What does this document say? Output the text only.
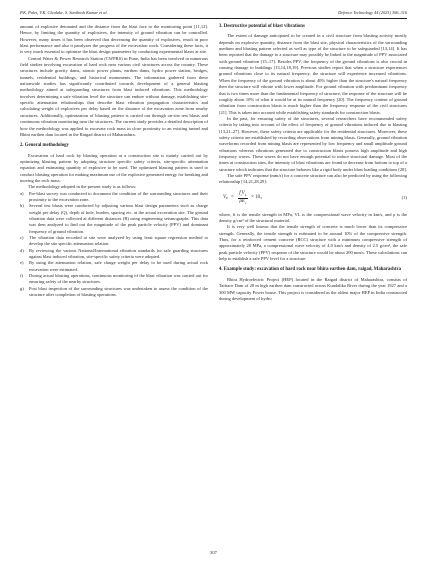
P.K. Palei, V.K. Chodake, S. Santhosh Kumar et al.	Defence Technology 44 (2025) 306–316

amount of explosive detonated and the distance from the blast face to the monitoring point [11,12]. Hence, by limiting the quantity of explosives, the intensity of ground vibration can be controlled. However, many times it has been observed that decreasing the quantity of explosives, result in poor blast performance and also it paralyzes the progress of the excavation work. Considering these facts, it is very much essential to optimize the blast design parameters by conducting experimental blasts at site.

Central Water & Power Research Station (CWPRS) in Pune, India has been involved in numerous field studies involving excavation of hard rock near various civil structures across the country. These structures include gravity dams, atomic power plants, earthen dams, hydro power station, bridges, tunnels, residential buildings, and historical monuments. The information gathered from these nationwide studies has significantly contributed towards development of a general blasting methodology aimed at safeguarding structures from blast induced vibrations. This methodology involves determining a safe vibration level the structure can endure without damage, establishing site-specific attenuation relationships that describe blast vibration propagation characteristics and calculating weight of explosives per delay based on the distance of the excavation zone from nearby structures. Additionally, optimization of blasting pattern is carried out through on-site test blasts and continuous vibration monitoring near the structures. The current study provides a detailed description of how the methodology was applied to excavate rock mass in close proximity to an existing tunnel and Bhira earthen dam located in the Raigad district of Maharashtra.

2. General methodology

Excavation of hard rock by blasting operation at a construction site is mainly carried out by optimizing blasting pattern by adopting structure specific safety criteria, site-specific attenuation equation and estimating quantity of explosive to be used. The optimized blasting pattern is used to conduct blasting operation for making maximum use of the explosive generated energy for breaking and moving the rock mass.

The methodology adopted in the present study is as follows:

a)	Pre-blast survey was conducted to document the condition of the surrounding structures and their proximity to the excavation zone.
b)	Several test blasts were conducted by adjusting various blast design parameters such as charge weight per delay (Q), depth of hole, burden, spacing etc. at the actual excavation site. The ground vibration data were collected at different distances (R) using engineering seismographs. This data was then analyzed to find out the magnitude of the peak particle velocity (PPV) and dominant frequency of ground vibration.
c)	The vibration data recorded at site were analyzed by using least square regression method to develop the site specific attenuation relation.
d)	By reviewing the various National/International vibration standards for safe guarding structures against blast induced vibration, site-specific safety criteria were adopted.
e)	By using the attenuation relation, safe charge weight per delay to be used during actual rock excavation were estimated.
f)	During actual blasting operations, continuous monitoring of the blast vibration was carried out for ensuring safety of the nearby structures.
g)	Post blast inspection of the surrounding structures was undertaken to assess the condition of the structure after completion of blasting operations.
3. Destructive potential of blast vibrations

The extent of damage anticipated to be created in a civil structure from blasting activity mostly depends on explosive quantity, distance from the blast site, physical characteristics of the surrounding medium and blasting pattern selected as well as type of the structure to be safeguarded [13,14]. It has been reported that the damage to a structure may possibly be linked to the magnitude of PPV associated with ground vibration [15–17]. Besides PPV, the frequency of the ground vibrations is also crucial in causing damage to buildings [13,14,18,19]. Previous studies report that when a structure experiences ground vibrations close to its natural frequency, the structure will experience increased vibrations. When the frequency of the ground vibration is about 40% higher than the structure's natural frequency then the structure will vibrate with lower amplitude. For ground vibration with predominant frequency that is two times more than the fundamental frequency of structure, the response of the structure will be roughly about 10% of what it would be at its natural frequency [20]. The frequency content of ground vibration from construction blasts is much higher than the frequency response of the civil structures [21]. This is taken into account while establishing safety standards for construction blasts.

In the past, for ensuring safety of the structures, several researchers have recommended safety criteria by taking into account of the effect of frequency of ground vibrations induced due to blasting [13,21–27]. However, these safety criteria are applicable for the residential structures. Moreover, these safety criteria are established by recording observations from mining blasts. Generally, ground vibration waveforms recorded from mining blasts are represented by low frequency and small amplitude ground vibrations whereas vibrations generated due to construction blasts possess high amplitude and high frequency waves. These waves do not have enough potential to induce structural damage. Most of the times at construction sites, the intensity of blast vibrations are found to decrease from bottom to top of a structure which indicates that the structure behaves like a rigid body under blast loading conditions [28].

The safe PPV response (mm/s) for a concrete structure can also be predicted by using the following relationship [14,21,28,29]:

V $P = \frac{f_tV_L}{\rho E_c} \times 10$ 3	(1)

where, ft is the tensile strength in MPa, VL is the compressional wave velocity in km/s, and ρ is the density g/cm³ of the structural material.

It is very well known that the tensile strength of concrete is much lower than its compressive strength. Generally, the tensile strength is estimated to be around 10% of the compressive strength. Thus, for a reinforced cement concrete (RCC) structure with a minimum compressive strength of approximately 20 MPa, a compressional wave velocity of 4.0 km/s and density of 2.5 g/cm³, the safe peak particle velocity (PPV) response of the structure would be about 200 mm/s. These calculations can help to establish a safe PPV level for a structure.

4. Example study: excavation of hard rock near bhira earthen dam, raigad, Maharashtra

Bhira Hydroelectric Project (HEP) located in the Raigad district of Maharashtra, consists of Tailrace Dam of 28 m high earthen dam constructed across Kundalika River during the year 1927 and a 300 MW capacity Power house. This project is considered as the oldest major HEP in India constructed during development of hydro

307
